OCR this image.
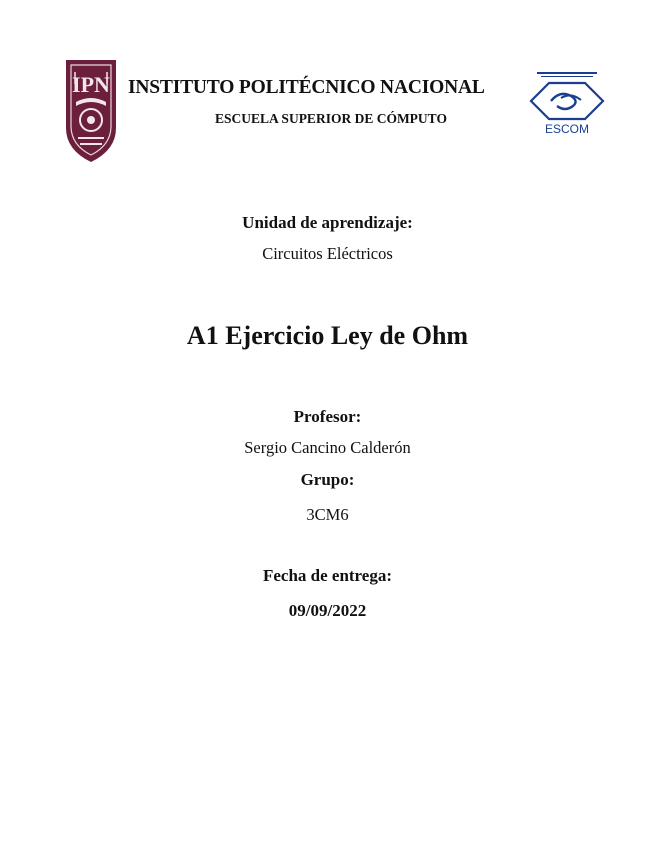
IPN INSTITUTO POLITÉCNICO NACIONAL
ESCUELA SUPERIOR DE CÓMPUTO
ESCOM
Unidad de aprendizaje:
Circuitos Eléctricos
A1 Ejercicio Ley de Ohm
Profesor:
Sergio Cancino Calderón
Grupo:
3CM6
Fecha de entrega:
09/09/2022
